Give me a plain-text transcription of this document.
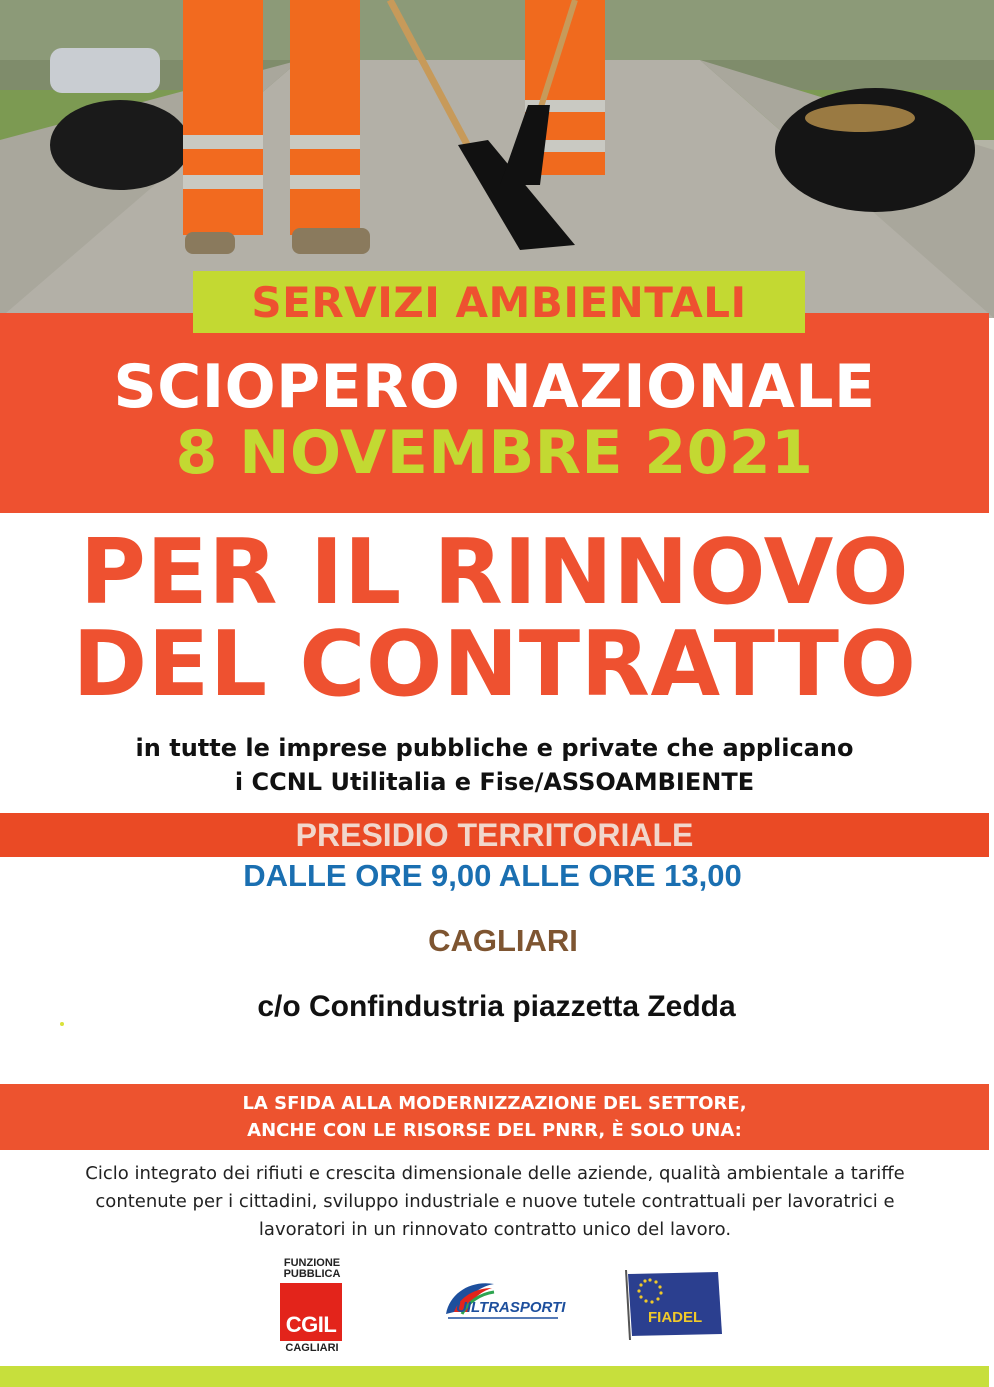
SERVIZI AMBIENTALI
SCIOPERO NAZIONALE
8 NOVEMBRE 2021
PER IL RINNOVO
DEL CONTRATTO
in tutte le imprese pubbliche e private che applicano
i CCNL Utilitalia e Fise/ASSOAMBIENTE
PRESIDIO TERRITORIALE
DALLE ORE 9,00 ALLE ORE 13,00
CAGLIARI
c/o Confindustria piazzetta Zedda
LA SFIDA ALLA MODERNIZZAZIONE DEL SETTORE,
ANCHE CON LE RISORSE DEL PNRR, È SOLO UNA:
Ciclo integrato dei rifiuti e crescita dimensionale delle aziende, qualità ambientale a tariffe contenute per i cittadini, sviluppo industriale e nuove tutele contrattuali per lavoratrici e lavoratori in un rinnovato contratto unico del lavoro.
FUNZIONE
PUBBLICA
CGIL
CAGLIARI
UILTRASPORTI
FIADEL
